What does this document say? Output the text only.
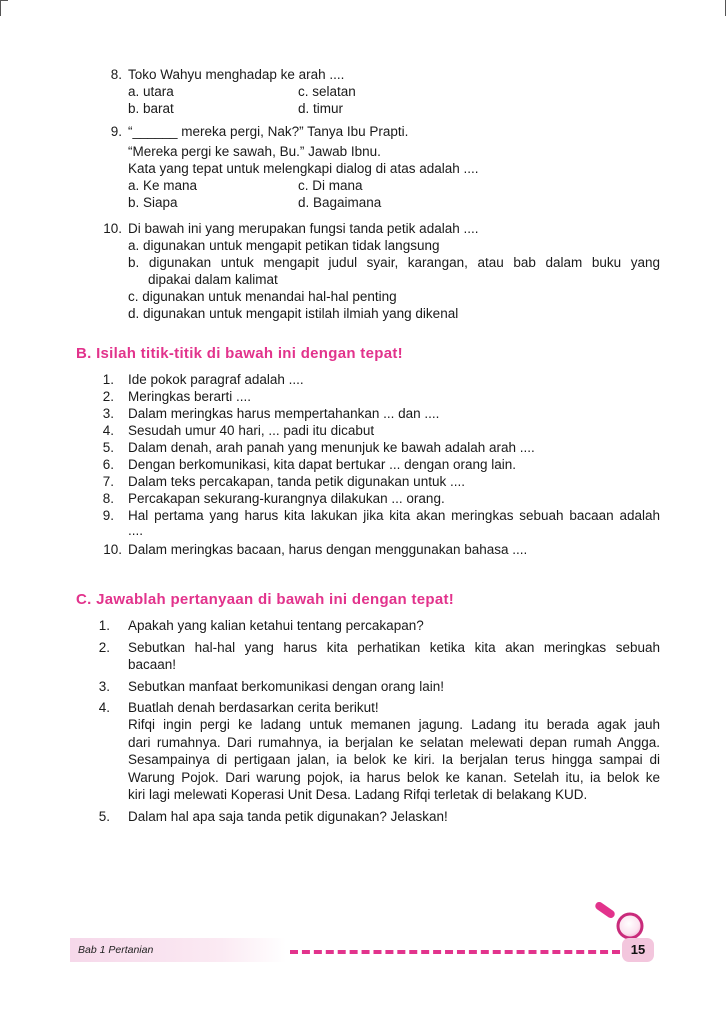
8. Toko Wahyu menghadap ke arah ....
a. utara	c. selatan
b. barat	d. timur
9. “______ mereka pergi, Nak?” Tanya Ibu Prapti.
“Mereka pergi ke sawah, Bu.” Jawab Ibnu.
Kata yang tepat untuk melengkapi dialog di atas adalah ....
a. Ke mana	c. Di mana
b. Siapa	d. Bagaimana
10. Di bawah ini yang merupakan fungsi tanda petik adalah ....
a. digunakan untuk mengapit petikan tidak langsung
b. digunakan untuk mengapit judul syair, karangan, atau bab dalam buku yang
dipakai dalam kalimat
c. digunakan untuk menandai hal-hal penting
d. digunakan untuk mengapit istilah ilmiah yang dikenal
B. Isilah titik-titik di bawah ini dengan tepat!
1. Ide pokok paragraf adalah ....
2. Meringkas berarti ....
3. Dalam meringkas harus mempertahankan ... dan ....
4. Sesudah umur 40 hari, ... padi itu dicabut
5. Dalam denah, arah panah yang menunjuk ke bawah adalah arah ....
6. Dengan berkomunikasi, kita dapat bertukar ... dengan orang lain.
7. Dalam teks percakapan, tanda petik digunakan untuk ....
8. Percakapan sekurang-kurangnya dilakukan ... orang.
9. Hal pertama yang harus kita lakukan jika kita akan meringkas sebuah bacaan adalah
....
10. Dalam meringkas bacaan, harus dengan menggunakan bahasa ....
C. Jawablah pertanyaan di bawah ini dengan tepat!
1. Apakah yang kalian ketahui tentang percakapan?
2. Sebutkan hal-hal yang harus kita perhatikan ketika kita akan meringkas sebuah
bacaan!
3. Sebutkan manfaat berkomunikasi dengan orang lain!
4. Buatlah denah berdasarkan cerita berikut!
Rifqi ingin pergi ke ladang untuk memanen jagung. Ladang itu berada agak jauh
dari rumahnya. Dari rumahnya, ia berjalan ke selatan melewati depan rumah Angga.
Sesampainya di pertigaan jalan, ia belok ke kiri. Ia berjalan terus hingga sampai di
Warung Pojok. Dari warung pojok, ia harus belok ke kanan. Setelah itu, ia belok ke
kiri lagi melewati Koperasi Unit Desa. Ladang Rifqi terletak di belakang KUD.
5. Dalam hal apa saja tanda petik digunakan? Jelaskan!
Bab 1 Pertanian	15
